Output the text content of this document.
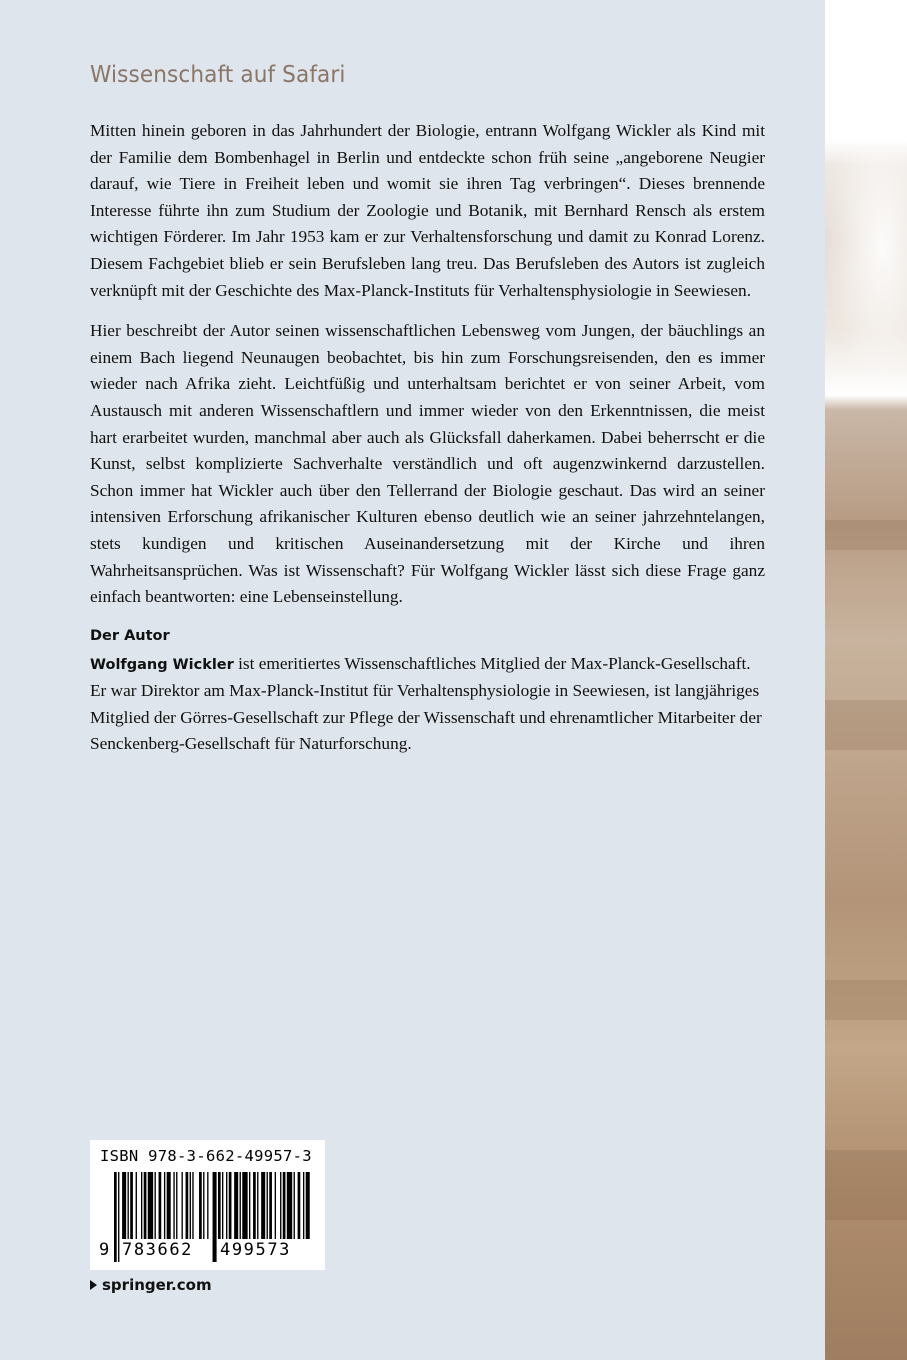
Wissenschaft auf Safari

Mitten hinein geboren in das Jahrhundert der Biologie, entrann Wolfgang Wickler als Kind mit der Familie dem Bombenhagel in Berlin und entdeckte schon früh seine „angeborene Neugier darauf, wie Tiere in Freiheit leben und womit sie ihren Tag verbringen“. Dieses brennende Interesse führte ihn zum Studium der Zoologie und Botanik, mit Bernhard Rensch als erstem wichtigen Förderer. Im Jahr 1953 kam er zur Verhaltensforschung und damit zu Konrad Lorenz. Diesem Fachgebiet blieb er sein Berufsleben lang treu. Das Berufsleben des Autors ist zugleich verknüpft mit der Geschichte des Max-Planck-Instituts für Verhaltensphysiologie in Seewiesen.

Hier beschreibt der Autor seinen wissenschaftlichen Lebensweg vom Jungen, der bäuchlings an einem Bach liegend Neunaugen beobachtet, bis hin zum Forschungsreisenden, den es immer wieder nach Afrika zieht. Leichtfüßig und unterhaltsam berichtet er von seiner Arbeit, vom Austausch mit anderen Wissenschaftlern und immer wieder von den Erkenntnissen, die meist hart erarbeitet wurden, manchmal aber auch als Glücksfall daherkamen. Dabei beherrscht er die Kunst, selbst komplizierte Sachverhalte verständlich und oft augenzwinkernd darzustellen. Schon immer hat Wickler auch über den Tellerrand der Biologie geschaut. Das wird an seiner intensiven Erforschung afrikanischer Kulturen ebenso deutlich wie an seiner jahrzehntelangen, stets kundigen und kritischen Auseinandersetzung mit der Kirche und ihren Wahrheitsansprüchen. Was ist Wissenschaft? Für Wolfgang Wickler lässt sich diese Frage ganz einfach beantworten: eine Lebenseinstellung.

Der Autor
Wolfgang Wickler ist emeritiertes Wissenschaftliches Mitglied der Max-Planck-Gesellschaft. Er war Direktor am Max-Planck-Institut für Verhaltensphysiologie in Seewiesen, ist langjähriges Mitglied der Görres-Gesellschaft zur Pflege der Wissenschaft und ehrenamtlicher Mitarbeiter der Senckenberg-Gesellschaft für Naturforschung.
ISBN 978-3-662-49957-3
9 783662 499573
springer.com
